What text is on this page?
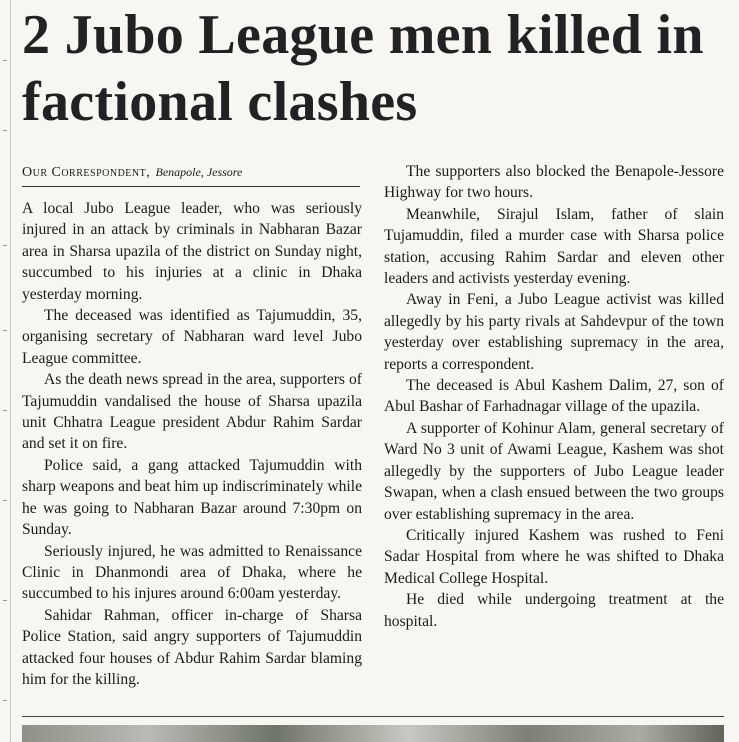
2 Jubo League men killed in factional clashes
Our Correspondent, Benapole, Jessore

A local Jubo League leader, who was seriously injured in an attack by criminals in Nabharan Bazar area in Sharsa upazila of the district on Sunday night, succumbed to his injuries at a clinic in Dhaka yesterday morning.

The deceased was identified as Tajumuddin, 35, organising secretary of Nabharan ward level Jubo League committee.

As the death news spread in the area, supporters of Tajumuddin vandalised the house of Sharsa upazila unit Chhatra League president Abdur Rahim Sardar and set it on fire.

Police said, a gang attacked Tajumuddin with sharp weapons and beat him up indiscriminately while he was going to Nabharan Bazar around 7:30pm on Sunday.

Seriously injured, he was admitted to Renaissance Clinic in Dhanmondi area of Dhaka, where he succumbed to his injures around 6:00am yesterday.

Sahidar Rahman, officer in-charge of Sharsa Police Station, said angry supporters of Tajumuddin attacked four houses of Abdur Rahim Sardar blaming him for the killing.

The supporters also blocked the Benapole-Jessore Highway for two hours.

Meanwhile, Sirajul Islam, father of slain Tujamuddin, filed a murder case with Sharsa police station, accusing Rahim Sardar and eleven other leaders and activists yesterday evening.

Away in Feni, a Jubo League activist was killed allegedly by his party rivals at Sahdevpur of the town yesterday over establishing supremacy in the area, reports a correspondent.

The deceased is Abul Kashem Dalim, 27, son of Abul Bashar of Farhadnagar village of the upazila.

A supporter of Kohinur Alam, general secretary of Ward No 3 unit of Awami League, Kashem was shot allegedly by the supporters of Jubo League leader Swapan, when a clash ensued between the two groups over establishing supremacy in the area.

Critically injured Kashem was rushed to Feni Sadar Hospital from where he was shifted to Dhaka Medical College Hospital.

He died while undergoing treatment at the hospital.
